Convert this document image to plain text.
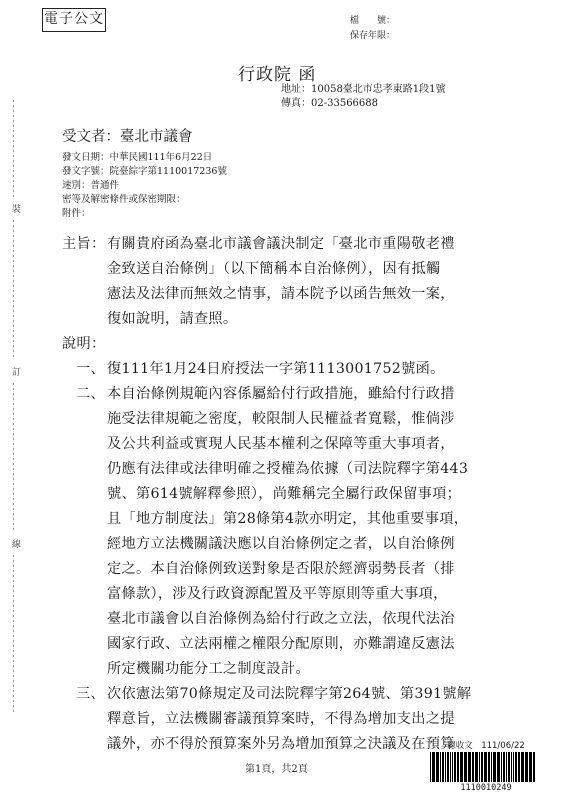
電子公文	檔　　號：
保存年限：
行政院 函
地址：10058臺北市忠孝東路1段1號
傳真：02-33566688
受文者：臺北市議會
發文日期：中華民國111年6月22日
發文字號：院臺綜字第1110017236號
速別：普通件
密等及解密條件或保密期限：
附件：
裝
訂
線
主旨： 有關貴府函為臺北市議會議決制定「臺北市重陽敬老禮
金致送自治條例」（以下簡稱本自治條例），因有抵觸
憲法及法律而無效之情事，請本院予以函告無效一案，
復如說明，請查照。
說明：
一、 復111年1月24日府授法一字第1113001752號函。
二、 本自治條例規範內容係屬給付行政措施，雖給付行政措
施受法律規範之密度，較限制人民權益者寬鬆，惟倘涉
及公共利益或實現人民基本權利之保障等重大事項者，
仍應有法律或法律明確之授權為依據（司法院釋字第443
號、第614號解釋參照），尚難稱完全屬行政保留事項；
且「地方制度法」第28條第4款亦明定，其他重要事項，
經地方立法機關議決應以自治條例定之者，以自治條例
定之。本自治條例致送對象是否限於經濟弱勢長者（排
富條款），涉及行政資源配置及平等原則等重大事項，
臺北市議會以自治條例為給付行政之立法，依現代法治
國家行政、立法兩權之權限分配原則，亦難謂違反憲法
所定機關功能分工之制度設計。
三、 次依憲法第70條規定及司法院釋字第264號、第391號解
釋意旨，立法機關審議預算案時，不得為增加支出之提
議外，亦不得於預算案外另為增加預算之決議及在預算
第1頁，共2頁
總收文　111/06/22
1110010249
